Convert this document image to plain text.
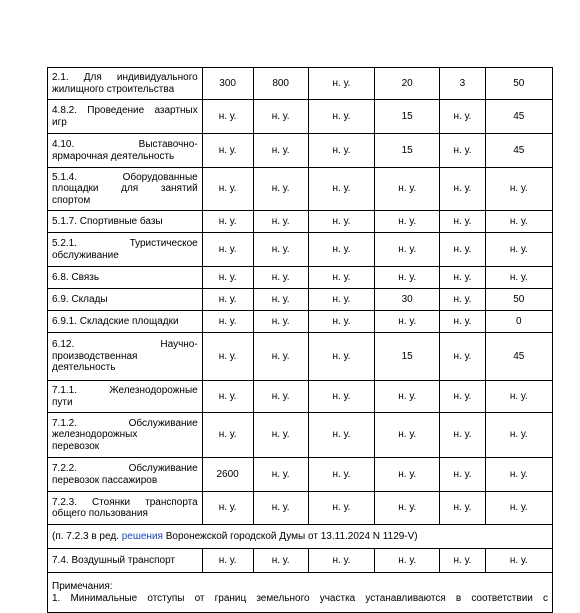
2.1. Для индивидуального
жилищного строительства	300	800	н. у.	20	3	50

4.8.2. Проведение азартных
игр	н. у.	н. у.	н. у.	15	н. у.	45

4.10. Выставочно-
ярмарочная деятельность	н. у.	н. у.	н. у.	15	н. у.	45

5.1.4. Оборудованные
площадки для занятий
спортом	н. у.	н. у.	н. у.	н. у.	н. у.	н. у.

5.1.7. Спортивные базы	н. у.	н. у.	н. у.	н. у.	н. у.	н. у.

5.2.1. Туристическое
обслуживание	н. у.	н. у.	н. у.	н. у.	н. у.	н. у.

6.8. Связь	н. у.	н. у.	н. у.	н. у.	н. у.	н. у.

6.9. Склады	н. у.	н. у.	н. у.	30	н. у.	50

6.9.1. Складские площадки	н. у.	н. у.	н. у.	н. у.	н. у.	0

6.12. Научно-
производственная
деятельность	н. у.	н. у.	н. у.	15	н. у.	45

7.1.1. Железнодорожные
пути	н. у.	н. у.	н. у.	н. у.	н. у.	н. у.

7.1.2. Обслуживание
железнодорожных
перевозок	н. у.	н. у.	н. у.	н. у.	н. у.	н. у.

7.2.2. Обслуживание
перевозок пассажиров	2600	н. у.	н. у.	н. у.	н. у.	н. у.

7.2.3. Стоянки транспорта
общего пользования	н. у.	н. у.	н. у.	н. у.	н. у.	н. у.
(п. 7.2.3 в ред. решения Воронежской городской Думы от 13.11.2024 N 1129-V)						
7.4. Воздушный транспорт	н. у.	н. у.	н. у.	н. у.	н. у.	н. у.

Примечания:
1. Минимальные отступы от границ земельного участка устанавливаются в соответствии с						
